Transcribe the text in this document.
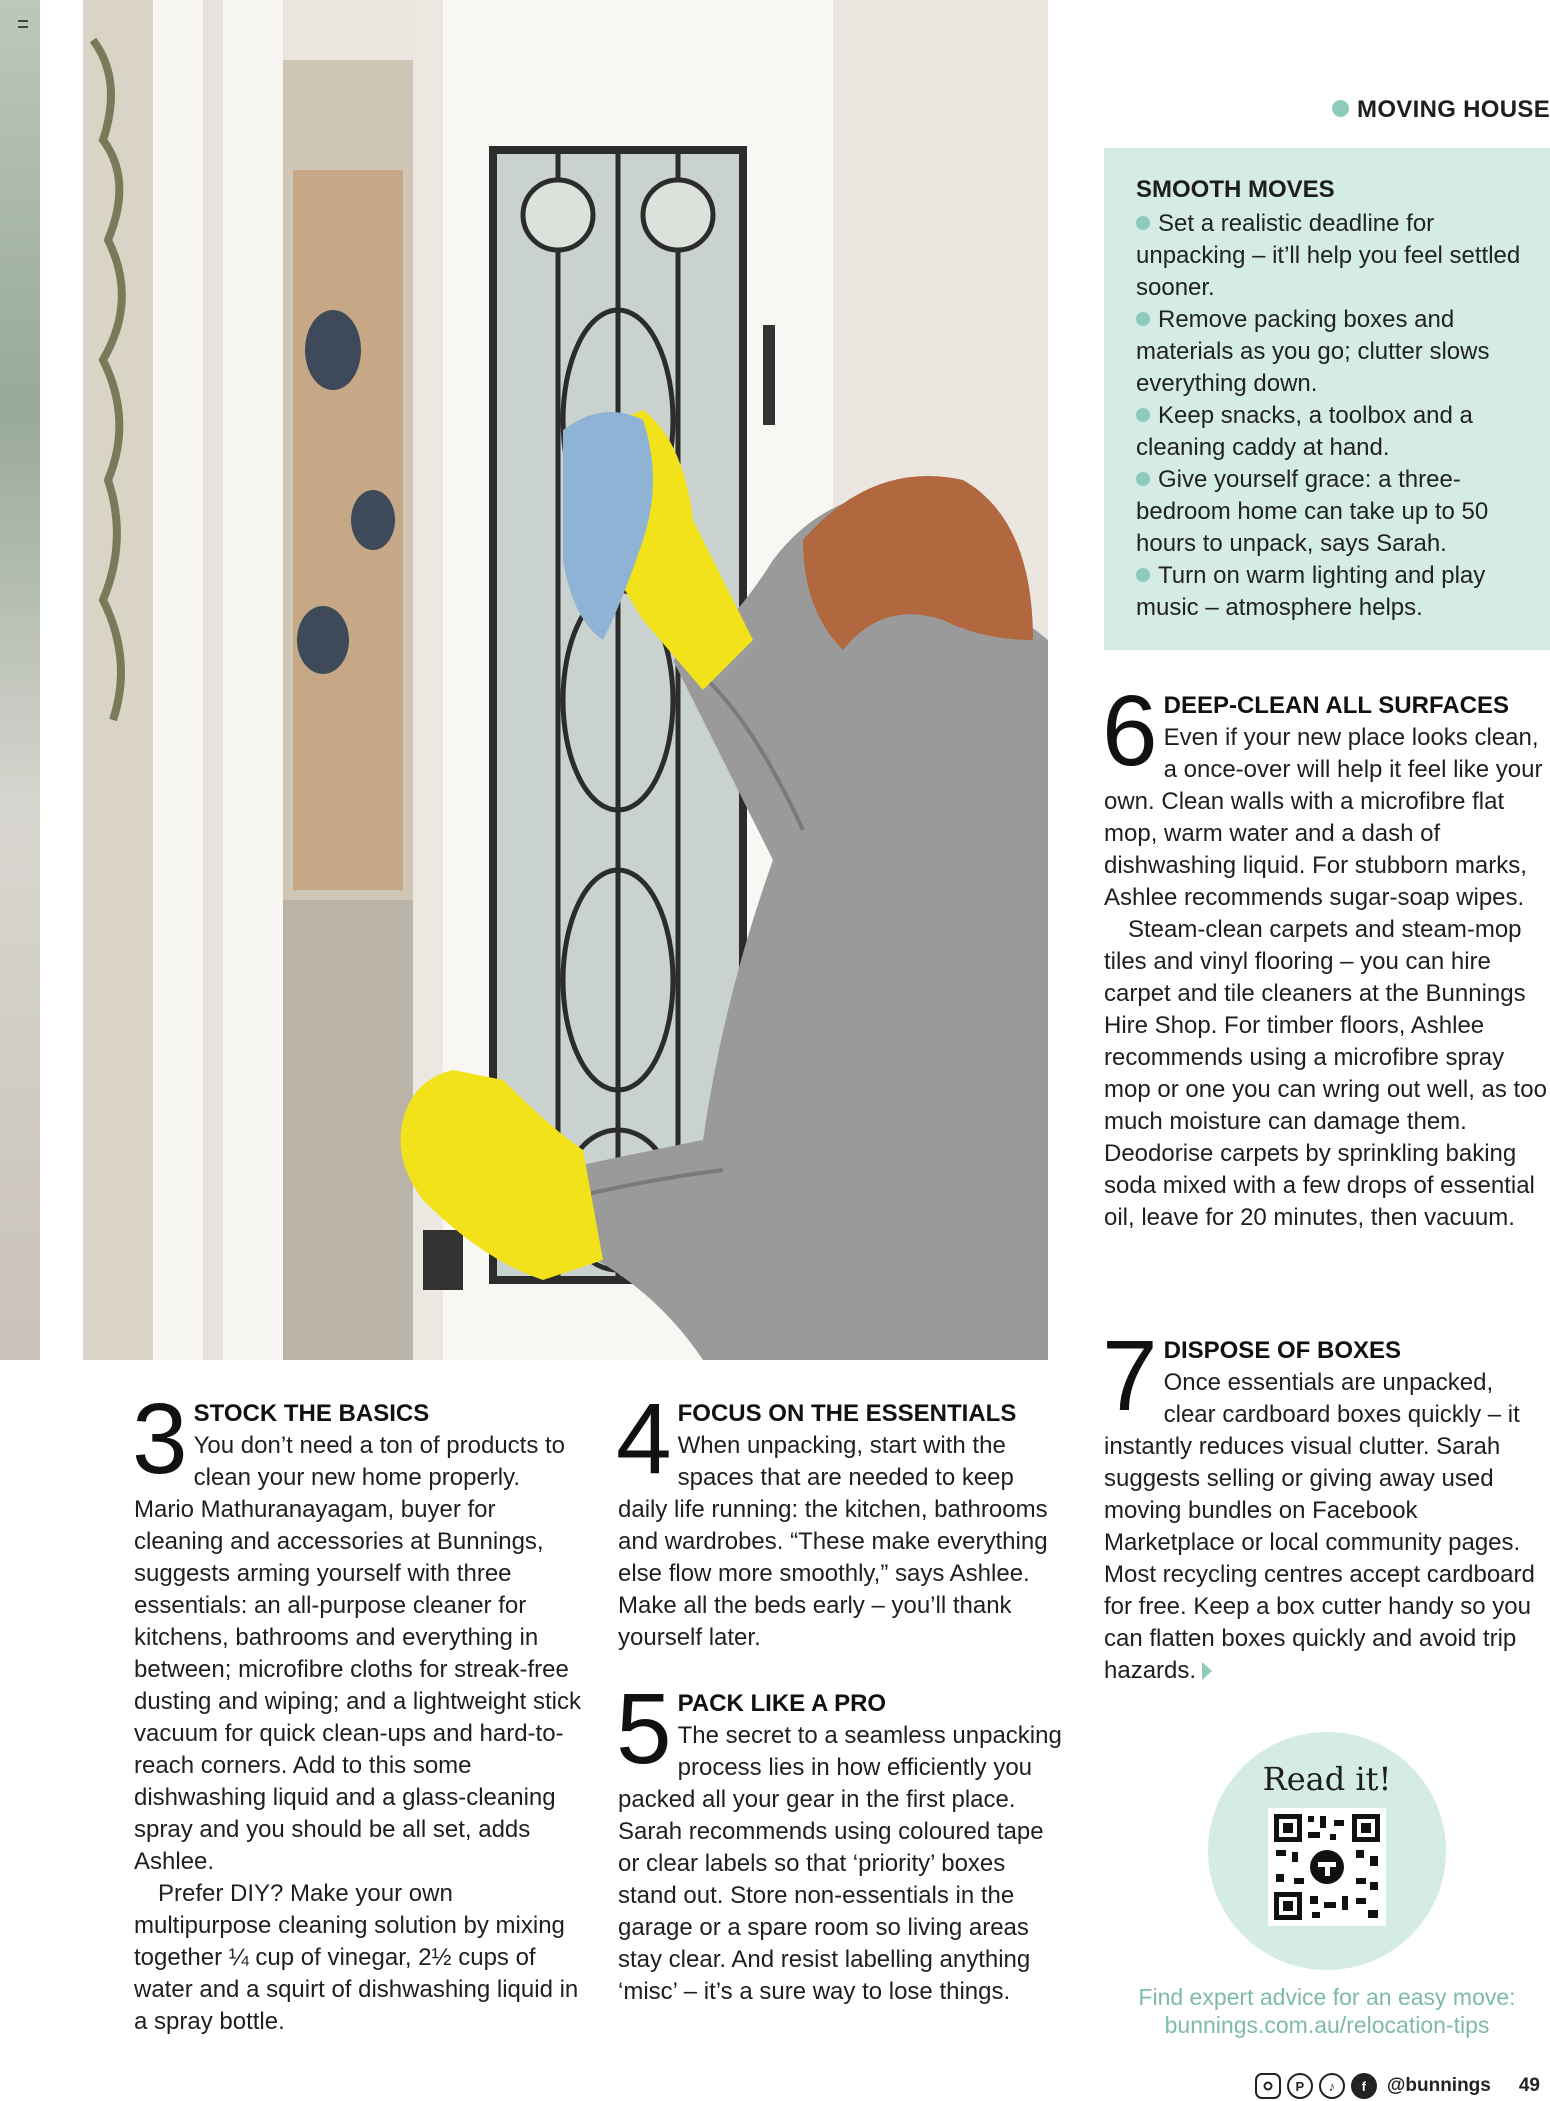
MOVING HOUSE
SMOOTH MOVES

Set a realistic deadline for unpacking – it’ll help you feel settled sooner.

Remove packing boxes and materials as you go; clutter slows everything down.

Keep snacks, a toolbox and a cleaning caddy at hand.

Give yourself grace: a three-bedroom home can take up to 50 hours to unpack, says Sarah.

Turn on warm lighting and play music – atmosphere helps.

6 DEEP-CLEAN ALL SURFACES

Even if your new place looks clean, a once-over will help it feel like your own. Clean walls with a microfibre flat mop, warm water and a dash of dishwashing liquid. For stubborn marks, Ashlee recommends sugar-soap wipes.

Steam-clean carpets and steam-mop tiles and vinyl flooring – you can hire carpet and tile cleaners at the Bunnings Hire Shop. For timber floors, Ashlee recommends using a microfibre spray mop or one you can wring out well, as too much moisture can damage them. Deodorise carpets by sprinkling baking soda mixed with a few drops of essential oil, leave for 20 minutes, then vacuum.

7 DISPOSE OF BOXES

Once essentials are unpacked, clear cardboard boxes quickly – it instantly reduces visual clutter. Sarah suggests selling or giving away used moving bundles on Facebook Marketplace or local community pages. Most recycling centres accept cardboard for free. Keep a box cutter handy so you can flatten boxes quickly and avoid trip hazards.

3 STOCK THE BASICS

You don’t need a ton of products to clean your new home properly. Mario Mathuranayagam, buyer for cleaning and accessories at Bunnings, suggests arming yourself with three essentials: an all-purpose cleaner for kitchens, bathrooms and everything in between; microfibre cloths for streak-free dusting and wiping; and a lightweight stick vacuum for quick clean-ups and hard-to-reach corners. Add to this some dishwashing liquid and a glass-cleaning spray and you should be all set, adds Ashlee.

Prefer DIY? Make your own multipurpose cleaning solution by mixing together ¼ cup of vinegar, 2½ cups of water and a squirt of dishwashing liquid in a spray bottle.

4 FOCUS ON THE ESSENTIALS

When unpacking, start with the spaces that are needed to keep daily life running: the kitchen, bathrooms and wardrobes. “These make everything else flow more smoothly,” says Ashlee. Make all the beds early – you’ll thank yourself later.

5 PACK LIKE A PRO

The secret to a seamless unpacking process lies in how efficiently you packed all your gear in the first place. Sarah recommends using coloured tape or clear labels so that ‘priority’ boxes stand out. Store non-essentials in the garage or a spare room so living areas stay clear. And resist labelling anything ‘misc’ – it’s a sure way to lose things.

Read it!
Find expert advice for an easy move:
bunnings.com.au/relocation-tips
P	♪	f	@bunnings 49
